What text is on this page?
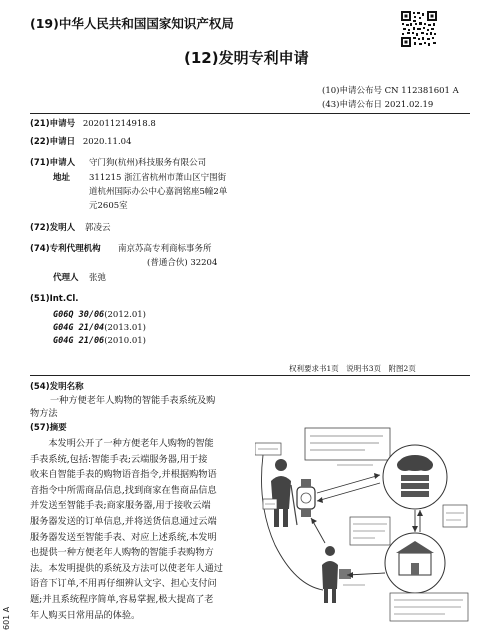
(19)中华人民共和国国家知识产权局
(12)发明专利申请
(10)申请公布号 CN 112381601 A
(43)申请公布日 2021.02.19
(21)申请号 202011214918.8
(22)申请日 2020.11.04
(71)申请人 守门狗(杭州)科技服务有限公司
地址 311215 浙江省杭州市萧山区宁围街
道杭州国际办公中心嘉润铭座5幢2单
元2605室
(72)发明人 郭凌云
(74)专利代理机构 南京苏高专利商标事务所
(普通合伙) 32204
代理人 张弛
(51)Int.Cl.
G06Q 30/06(2012.01)
G04G 21/04(2013.01)
G04G 21/06(2010.01)
权利要求书1页　说明书3页　附图2页
(54)发明名称
一种方便老年人购物的智能手表系统及购
物方法
(57)摘要
　　本发明公开了一种方便老年人购物的智能
手表系统,包括:智能手表;云端服务器,用于接
收来自智能手表的购物语音指令,并根据购物语
音指令中所需商品信息,找到商家在售商品信息
并发送至智能手表;商家服务器,用于接收云端
服务器发送的订单信息,并将送货信息通过云端
服务器发送至智能手表、对应上述系统,本发明
也提供一种方便老年人购物的智能手表购物方
法。本发明提供的系统及方法可以使老年人通过
语音下订单,不用再仔细辨认文字、担心支付问
题;并且系统程序简单,容易掌握,极大提高了老
年人购买日常用品的体验。
601 A
